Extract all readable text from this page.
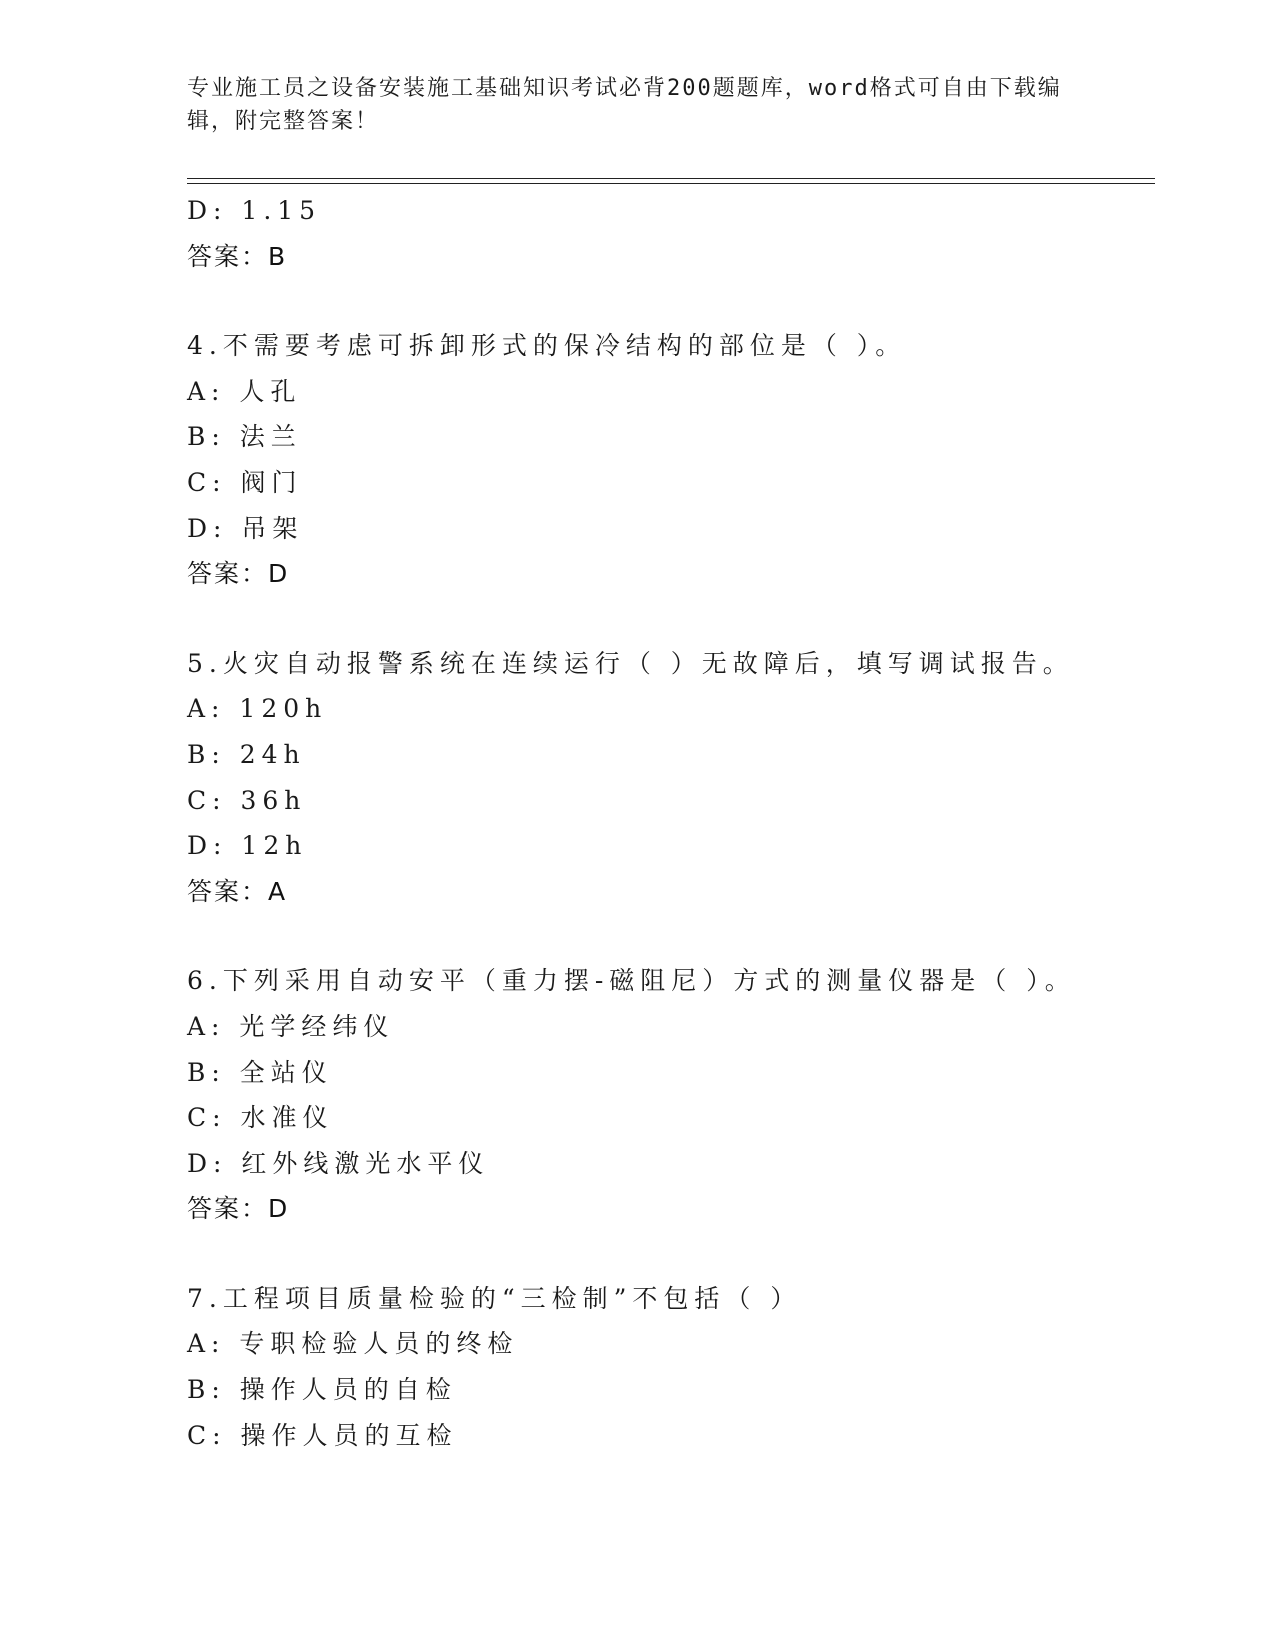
专业施工员之设备安装施工基础知识考试必背200题题库，word格式可自由下载编辑，附完整答案！
D: 1.15
答案：B
4.不需要考虑可拆卸形式的保冷结构的部位是（ ）。
A: 人孔
B: 法兰
C: 阀门
D: 吊架
答案：D
5.火灾自动报警系统在连续运行（ ）无故障后，填写调试报告。
A: 120h
B: 24h
C: 36h
D: 12h
答案：A
6.下列采用自动安平（重力摆-磁阻尼）方式的测量仪器是（ ）。
A: 光学经纬仪
B: 全站仪
C: 水准仪
D: 红外线激光水平仪
答案：D
7.工程项目质量检验的“三检制”不包括（ ）
A: 专职检验人员的终检
B: 操作人员的自检
C: 操作人员的互检
